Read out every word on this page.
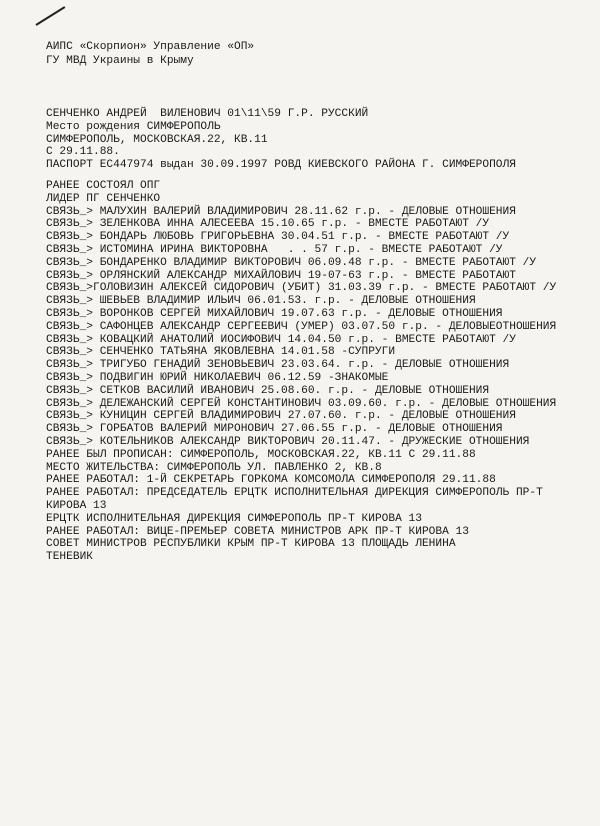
АИПС «Скорпион» Управление «ОП»
ГУ МВД Украины в Крыму
СЕНЧЕНКО АНДРЕЙ  ВИЛЕНОВИЧ 01\11\59 Г.Р. РУССКИЙ
Место рождения СИМФЕРОПОЛЬ
СИМФЕРОПОЛЬ, МОСКОВСКАЯ.22, КВ.11
С 29.11.88.
ПАСПОРТ ЕС447974 выдан 30.09.1997 РОВД КИЕВСКОГО РАЙОНА Г. СИМФЕРОПОЛЯ
РАНЕЕ СОСТОЯЛ ОПГ
ЛИДЕР ПГ СЕНЧЕНКО
СВЯЗЬ_> МАЛУХИН ВАЛЕРИЙ ВЛАДИМИРОВИЧ 28.11.62 г.р. - ДЕЛОВЫЕ ОТНОШЕНИЯ
СВЯЗЬ_> ЗЕЛЕНКОВА ИННА АЛЕСЕЕВА 15.10.65 г.р. - ВМЕСТЕ РАБОТАЮТ /У
СВЯЗЬ_> БОНДАРЬ ЛЮБОВЬ ГРИГОРЬЕВНА 30.04.51 г.р. - ВМЕСТЕ РАБОТАЮТ /У
СВЯЗЬ_> ИСТОМИНА ИРИНА ВИКТОРОВНА   . . 57 г.р. - ВМЕСТЕ РАБОТАЮТ /У
СВЯЗЬ_> БОНДАРЕНКО ВЛАДИМИР ВИКТОРОВИЧ 06.09.48 г.р. - ВМЕСТЕ РАБОТАЮТ /У
СВЯЗЬ_> ОРЛЯНСКИЙ АЛЕКСАНДР МИХАЙЛОВИЧ 19-07-63 г.р. - ВМЕСТЕ РАБОТАЮТ
СВЯЗЬ_>ГОЛОВИЗИН АЛЕКСЕЙ СИДОРОВИЧ (УБИТ) 31.03.39 г.р. - ВМЕСТЕ РАБОТАЮТ /У
СВЯЗЬ_> ШЕВЬЕВ ВЛАДИМИР ИЛЬИЧ 06.01.53. г.р. - ДЕЛОВЫЕ ОТНОШЕНИЯ
СВЯЗЬ_> ВОРОНКОВ СЕРГЕЙ МИХАЙЛОВИЧ 19.07.63 г.р. - ДЕЛОВЫЕ ОТНОШЕНИЯ
СВЯЗЬ_> САФОНЦЕВ АЛЕКСАНДР СЕРГЕЕВИЧ (УМЕР) 03.07.50 г.р. - ДЕЛОВЫЕОТНОШЕНИЯ
СВЯЗЬ_> КОВАЦКИЙ АНАТОЛИЙ ИОСИФОВИЧ 14.04.50 г.р. - ВМЕСТЕ РАБОТАЮТ /У
СВЯЗЬ_> СЕНЧЕНКО ТАТЬЯНА ЯКОВЛЕВНА 14.01.58 -СУПРУГИ
СВЯЗЬ_> ТРИГУБО ГЕНАДИЙ ЗЕНОВЬЕВИЧ 23.03.64. г.р. - ДЕЛОВЫЕ ОТНОШЕНИЯ
СВЯЗЬ_> ПОДВИГИН ЮРИЙ НИКОЛАЕВИЧ 06.12.59 -ЗНАКОМЫЕ
СВЯЗЬ_> СЕТКОВ ВАСИЛИЙ ИВАНОВИЧ 25.08.60. г.р. - ДЕЛОВЫЕ ОТНОШЕНИЯ
СВЯЗЬ_> ДЕЛЕЖАНСКИЙ СЕРГЕЙ КОНСТАНТИНОВИЧ 03.09.60. г.р. - ДЕЛОВЫЕ ОТНОШЕНИЯ
СВЯЗЬ_> КУНИЦИН СЕРГЕЙ ВЛАДИМИРОВИЧ 27.07.60. г.р. - ДЕЛОВЫЕ ОТНОШЕНИЯ
СВЯЗЬ_> ГОРБАТОВ ВАЛЕРИЙ МИРОНОВИЧ 27.06.55 г.р. - ДЕЛОВЫЕ ОТНОШЕНИЯ
СВЯЗЬ_> КОТЕЛЬНИКОВ АЛЕКСАНДР ВИКТОРОВИЧ 20.11.47. - ДРУЖЕСКИЕ ОТНОШЕНИЯ
РАНЕЕ БЫЛ ПРОПИСАН: СИМФЕРОПОЛЬ, МОСКОВСКАЯ.22, КВ.11 С 29.11.88
МЕСТО ЖИТЕЛЬСТВА: СИМФЕРОПОЛЬ УЛ. ПАВЛЕНКО 2, КВ.8
РАНЕЕ РАБОТАЛ: 1-Й СЕКРЕТАРЬ ГОРКОМА КОМСОМОЛА СИМФЕРОПОЛЯ 29.11.88
РАНЕЕ РАБОТАЛ: ПРЕДСЕДАТЕЛЬ ЕРЦТК ИСПОЛНИТЕЛЬНАЯ ДИРЕКЦИЯ СИМФЕРОПОЛЬ ПР-Т
КИРОВА 13
ЕРЦТК ИСПОЛНИТЕЛЬНАЯ ДИРЕКЦИЯ СИМФЕРОПОЛЬ ПР-Т КИРОВА 13
РАНЕЕ РАБОТАЛ: ВИЦЕ-ПРЕМЬЕР СОВЕТА МИНИСТРОВ АРК ПР-Т КИРОВА 13
СОВЕТ МИНИСТРОВ РЕСПУБЛИКИ КРЫМ ПР-Т КИРОВА 13 ПЛОЩАДЬ ЛЕНИНА
ТЕНЕВИК
